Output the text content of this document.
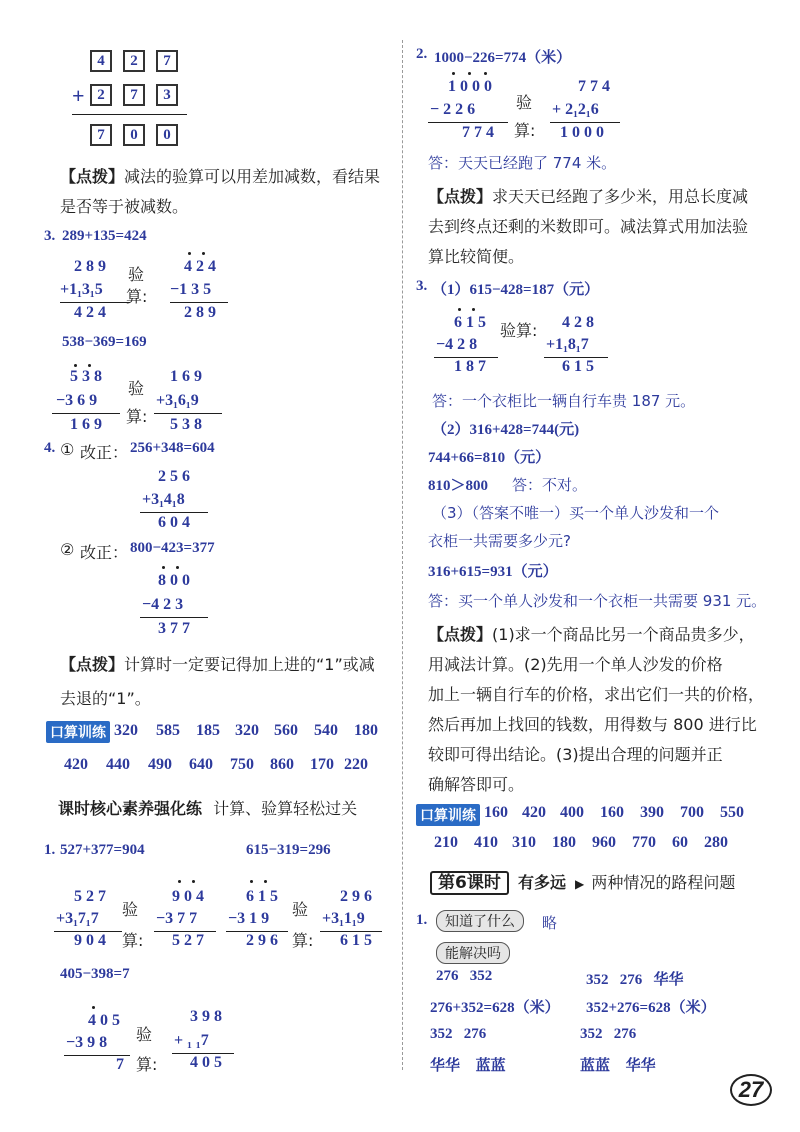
+
4	2	7
2	7	3
7	0	0
【点拨】减法的验算可以用差加减数，看结果
是否等于被减数。
3. 289+135=424
2 8 9
+1₁3₁5
4 2 4
验
算:
4 2 4
−1 3 5
2 8 9
538−369=169
5 3 8
−3 6 9
1 6 9
验
算:
1 6 9
+3₁6₁9
5 3 8
4. ① 改正： 256+348=604
2 5 6
+3₁4₁8
6 0 4
② 改正： 800−423=377
8 0 0
−4 2 3
3 7 7
【点拨】计算时一定要记得加上进的“1”或减
去退的“1”。
口算训练 320 585 185 320 560 540 180
420 440 490 640 750 860 170 220
课时核心素养强化练 计算、验算轻松过关
1. 527+377=904	615−319=296
5 2 7
+3₁7₁7
9 0 4
验
算:
9 0 4
−3 7 7
5 2 7
6 1 5
−3 1 9
2 9 6
验
算:
2 9 6
+3₁1₁9
6 1 5
405−398=7
4 0 5
−3 9 8
7
验
算:
3 9 8
+ ₁ ₁7
4 0 5
2. 1000−226=774（米）
1 0 0 0
− 2 2 6
7 7 4
验
算:
7 7 4
+ 2₁2₁6
1 0 0 0
答：天天已经跑了 774 米。
【点拨】求天天已经跑了多少米，用总长度减
去到终点还剩的米数即可。减法算式用加法验
算比较简便。
3. （1）615−428=187（元）
6 1 5
−4 2 8
1 8 7
验算: 4 2 8
+1₁8₁7
6 1 5
答：一个衣柜比一辆自行车贵 187 元。
（2）316+428=744(元)
744+66=810（元）
810＞800 答：不对。
（3）（答案不唯一）买一个单人沙发和一个
衣柜一共需要多少元?
316+615=931（元）
答：买一个单人沙发和一个衣柜一共需要 931 元。
【点拨】(1)求一个商品比另一个商品贵多少，
用减法计算。(2)先用一个单人沙发的价格
加上一辆自行车的价格，求出它们一共的价格，
然后再加上找回的钱数，用得数与 800 进行比
较即可得出结论。(3)提出合理的问题并正
确解答即可。
口算训练 160 420 400 160 390 700 550
210 410 310 180 960 770 60 280
第6课时 有多远 ▶ 两种情况的路程问题
1.	知道了什么	略
能解决吗
276   352	352   276   华华
276+352=628（米） 352+276=628（米）
352   276	352   276
华华   蓝蓝	蓝蓝   华华
27
